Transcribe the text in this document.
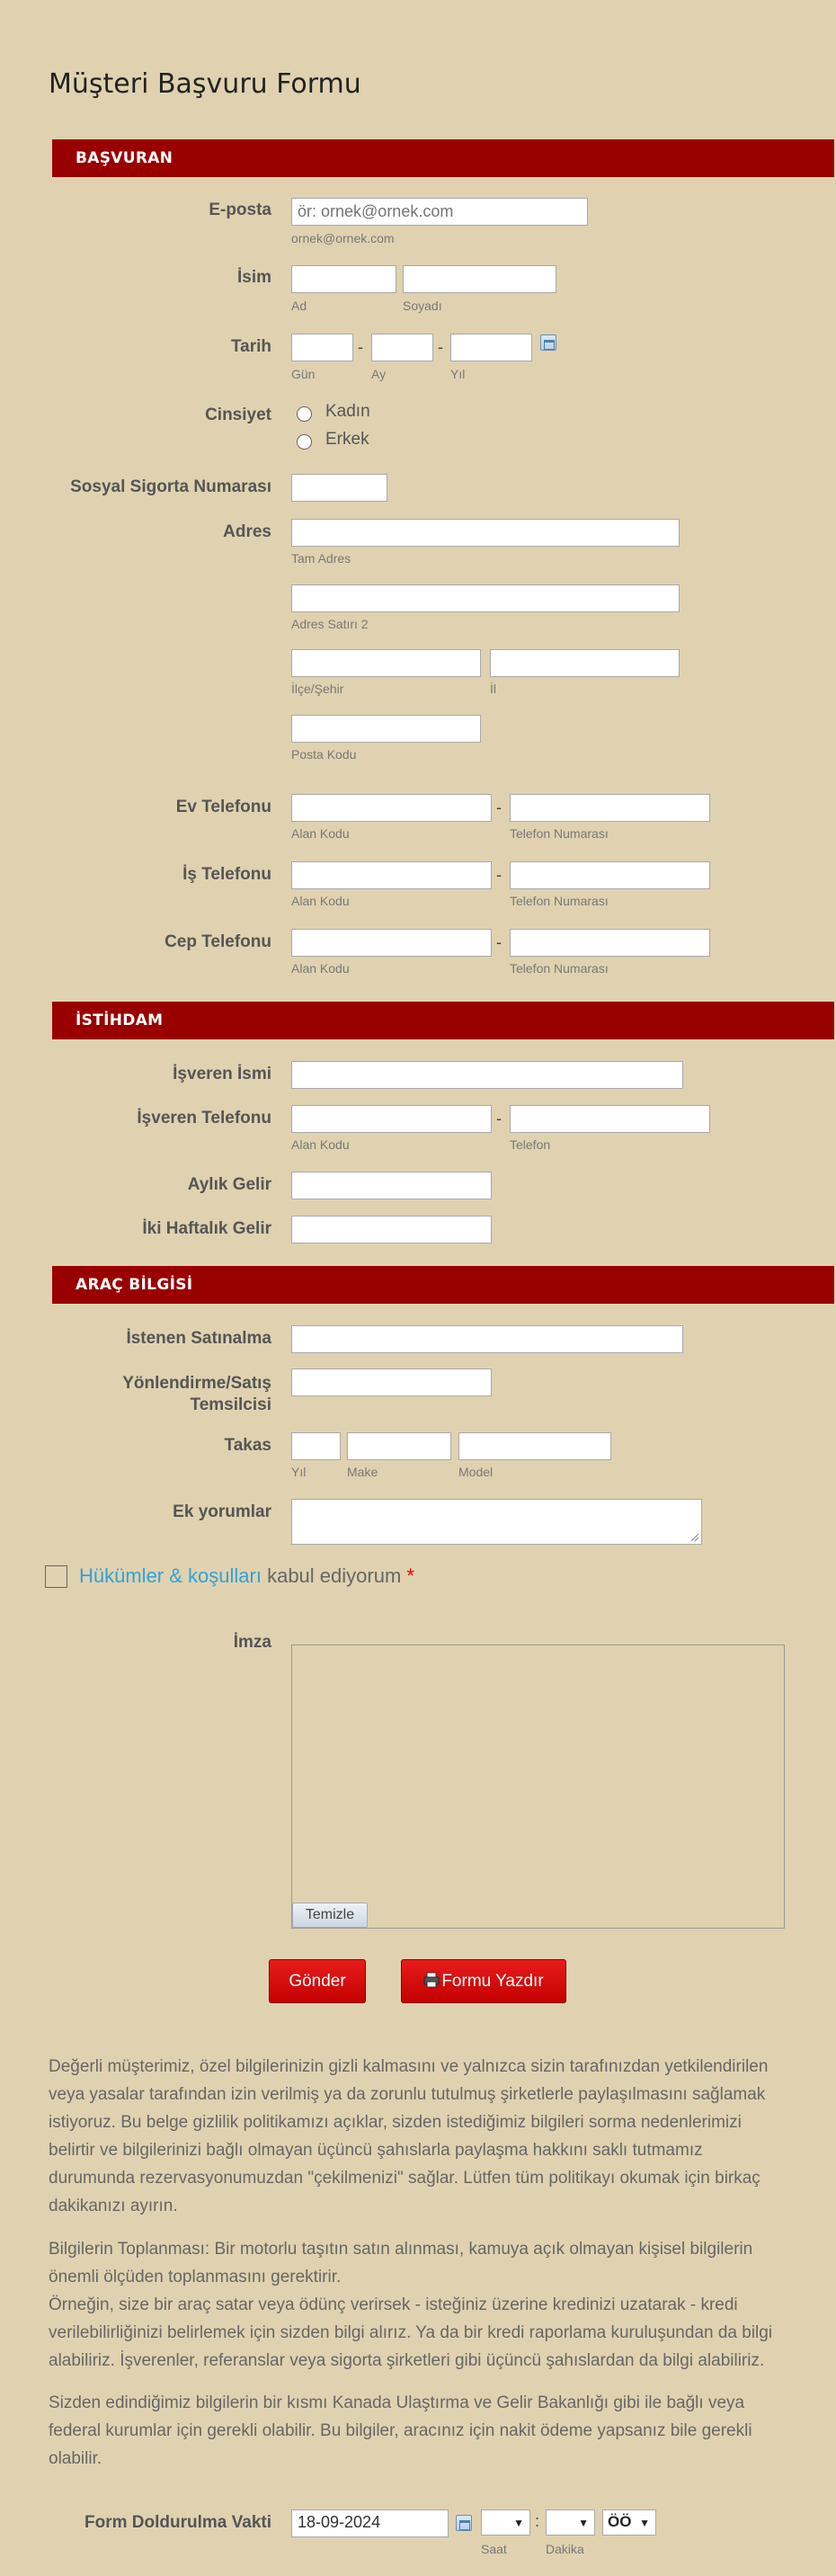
Müşteri Başvuru Formu
BAŞVURAN
E-posta
ör: ornek@ornek.com
ornek@ornek.com
İsim
Ad	Soyadı
Tarih	-	-
Gün	Ay	Yıl
Cinsiyet	Kadın
Erkek
Sosyal Sigorta Numarası
Adres
Tam Adres
Adres Satırı 2
İlçe/Şehir	İl
Posta Kodu
Ev Telefonu	-
Alan Kodu	Telefon Numarası
İş Telefonu	-
Alan Kodu	Telefon Numarası
Cep Telefonu	-
Alan Kodu	Telefon Numarası
İSTİHDAM
İşveren İsmi
İşveren Telefonu	-
Alan Kodu	Telefon
Aylık Gelir
İki Haftalık Gelir
ARAÇ BİLGİSİ
İstenen Satınalma
Yönlendirme/Satış
Temsilcisi
Takas
Yıl	Make	Model
Ek yorumlar
Hükümler & koşulları kabul ediyorum *
İmza
Temizle
Gönder	Formu Yazdır
Değerli müşterimiz, özel bilgilerinizin gizli kalmasını ve yalnızca sizin tarafınızdan yetkilendirilen veya yasalar tarafından izin verilmiş ya da zorunlu tutulmuş şirketlerle paylaşılmasını sağlamak istiyoruz. Bu belge gizlilik politikamızı açıklar, sizden istediğimiz bilgileri sorma nedenlerimizi belirtir ve bilgilerinizi bağlı olmayan üçüncü şahıslarla paylaşma hakkını saklı tutmamız durumunda rezervasyonumuzdan "çekilmenizi" sağlar. Lütfen tüm politikayı okumak için birkaç dakikanızı ayırın.
Bilgilerin Toplanması: Bir motorlu taşıtın satın alınması, kamuya açık olmayan kişisel bilgilerin önemli ölçüden toplanmasını gerektirir.
Örneğin, size bir araç satar veya ödünç verirsek - isteğiniz üzerine kredinizi uzatarak - kredi verilebilirliğinizi belirlemek için sizden bilgi alırız. Ya da bir kredi raporlama kuruluşundan da bilgi alabiliriz. İşverenler, referanslar veya sigorta şirketleri gibi üçüncü şahıslardan da bilgi alabiliriz.
Sizden edindiğimiz bilgilerin bir kısmı Kanada Ulaştırma ve Gelir Bakanlığı gibi ile bağlı veya federal kurumlar için gerekli olabilir. Bu bilgiler, aracınız için nakit ödeme yapsanız bile gerekli olabilir.
Form Doldurulma Vakti	18-09-2024	▼ :	▼	ÖÖ ▼
Saat	Dakika
